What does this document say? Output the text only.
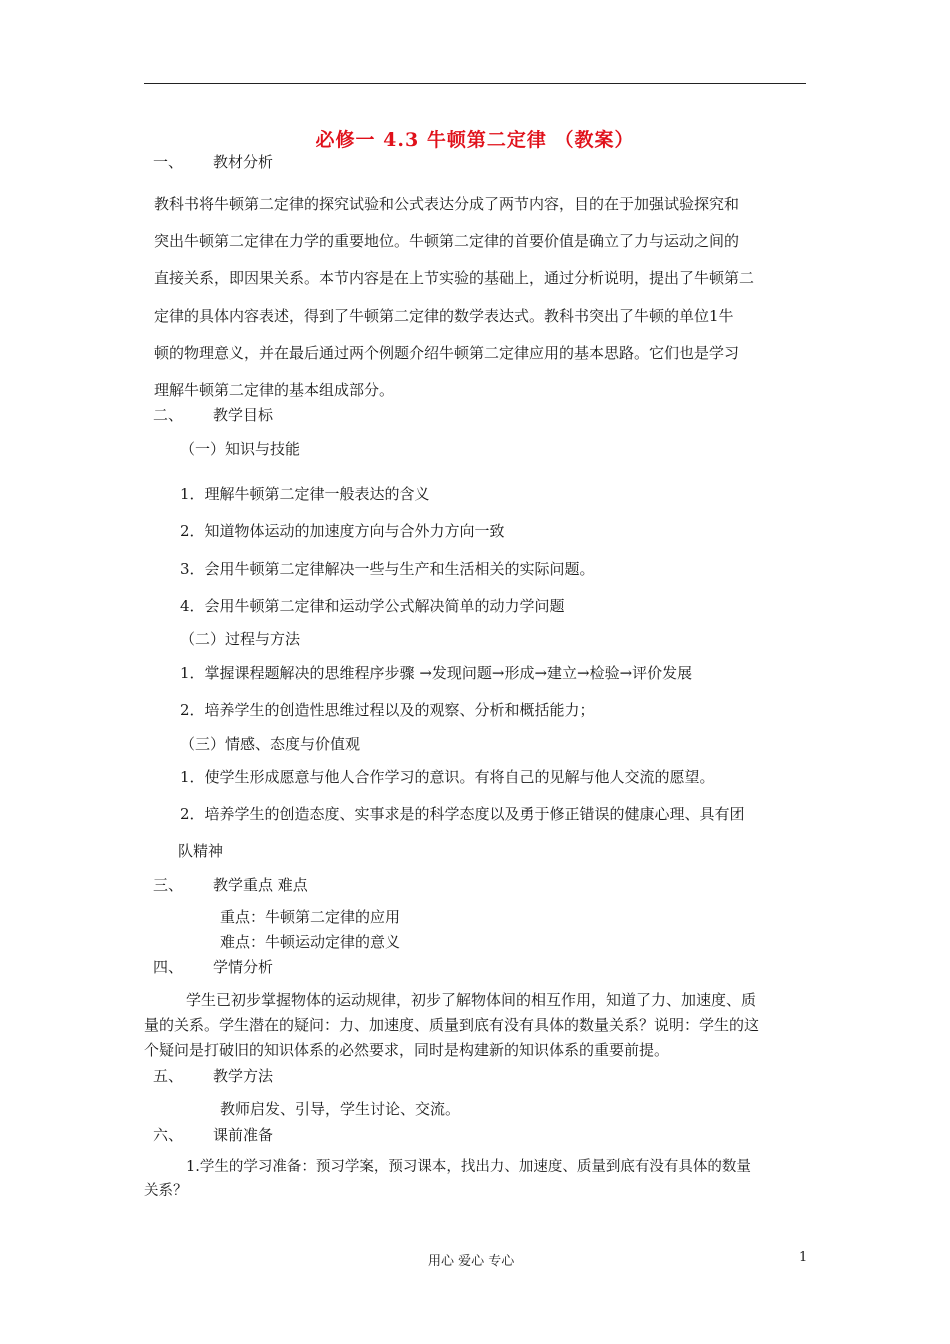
必修一 4.3 牛顿第二定律 （教案）
一、 教材分析
教科书将牛顿第二定律的探究试验和公式表达分成了两节内容，目的在于加强试验探究和
突出牛顿第二定律在力学的重要地位。牛顿第二定律的首要价值是确立了力与运动之间的
直接关系，即因果关系。本节内容是在上节实验的基础上，通过分析说明，提出了牛顿第二
定律的具体内容表述，得到了牛顿第二定律的数学表达式。教科书突出了牛顿的单位1牛
顿的物理意义，并在最后通过两个例题介绍牛顿第二定律应用的基本思路。它们也是学习
理解牛顿第二定律的基本组成部分。
二、 教学目标
（一）知识与技能
1．理解牛顿第二定律一般表达的含义
2．知道物体运动的加速度方向与合外力方向一致
3．会用牛顿第二定律解决一些与生产和生活相关的实际问题。
4．会用牛顿第二定律和运动学公式解决简单的动力学问题
（二）过程与方法
1．掌握课程题解决的思维程序步骤 →发现问题→形成→建立→检验→评价发展
2．培养学生的创造性思维过程以及的观察、分析和概括能力；
（三）情感、态度与价值观
1．使学生形成愿意与他人合作学习的意识。有将自己的见解与他人交流的愿望。
2．培养学生的创造态度、实事求是的科学态度以及勇于修正错误的健康心理、具有团
队精神
三、 教学重点 难点
重点：牛顿第二定律的应用
难点：牛顿运动定律的意义
四、 学情分析
学生已初步掌握物体的运动规律，初步了解物体间的相互作用，知道了力、加速度、质
量的关系。学生潜在的疑问：力、加速度、质量到底有没有具体的数量关系？说明：学生的这
个疑问是打破旧的知识体系的必然要求，同时是构建新的知识体系的重要前提。
五、 教学方法
教师启发、引导，学生讨论、交流。
六、 课前准备
1.学生的学习准备：预习学案，预习课本，找出力、加速度、质量到底有没有具体的数量
关系？
用心 爱心 专心	1
